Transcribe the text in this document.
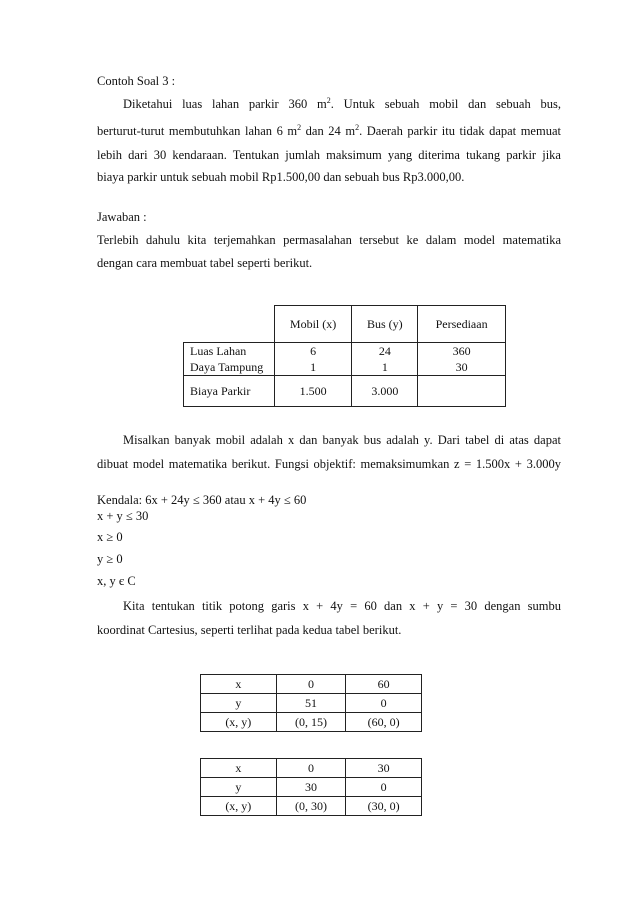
Contoh Soal 3 :
Diketahui luas lahan parkir 360 $m^2$. Untuk sebuah mobil dan sebuah bus,
berturut-turut membutuhkan lahan 6 $m^2$ dan 24 $m^2$. Daerah parkir itu tidak dapat memuat
lebih dari 30 kendaraan. Tentukan jumlah maksimum yang diterima tukang parkir jika
biaya parkir untuk sebuah mobil Rp1.500,00 dan sebuah bus Rp3.000,00.
Jawaban :
Terlebih dahulu kita terjemahkan permasalahan tersebut ke dalam model matematika
dengan cara membuat tabel seperti berikut.
	Mobil (x)	Bus (y)	Persediaan
Luas Lahan	6	24	360
Daya Tampung	1	1	30
Biaya Parkir	1.500	3.000	
Misalkan banyak mobil adalah x dan banyak bus adalah y. Dari tabel di atas dapat
dibuat model matematika berikut. Fungsi objektif: memaksimumkan z = 1.500x + 3.000y
Kendala: 6x + 24y ≤ 360 atau x + 4y ≤ 60
x + y ≤ 30
x ≥ 0
y ≥ 0
x, y є C
Kita tentukan titik potong garis x + 4y = 60 dan x + y = 30 dengan sumbu
koordinat Cartesius, seperti terlihat pada kedua tabel berikut.
x	0	60
y	51	0
(x, y)	(0, 15)	(60, 0)
x	0	30
y	30	0
(x, y)	(0, 30)	(30, 0)
